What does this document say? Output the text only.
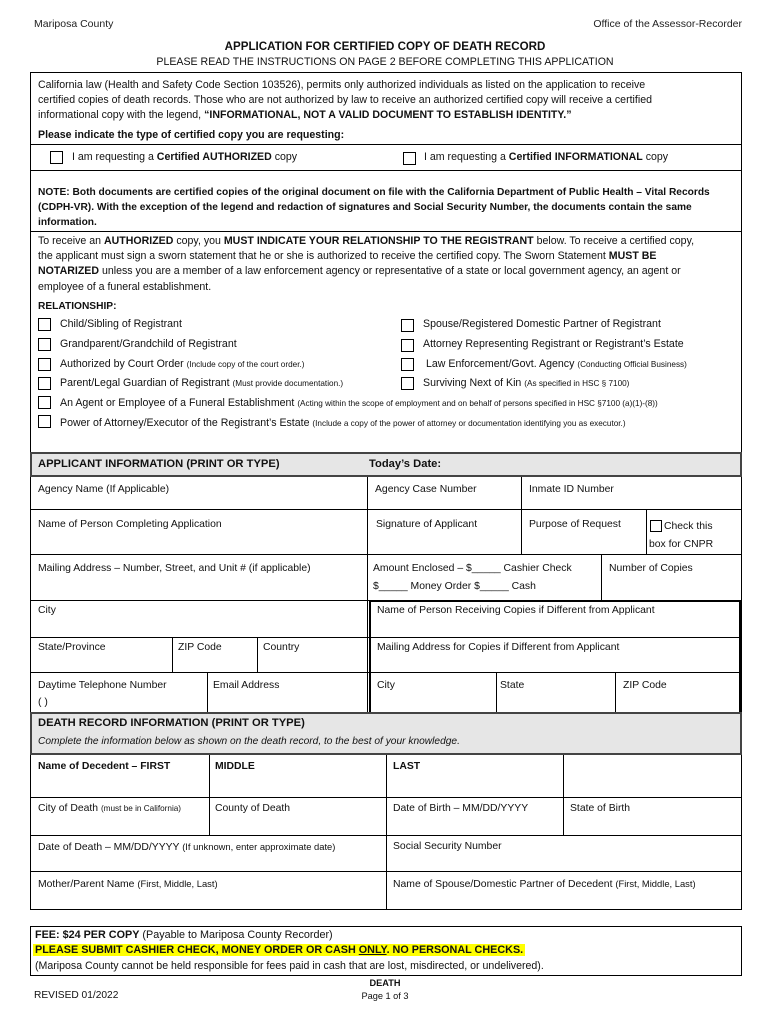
Mariposa County	Office of the Assessor-Recorder
APPLICATION FOR CERTIFIED COPY OF DEATH RECORD
PLEASE READ THE INSTRUCTIONS ON PAGE 2 BEFORE COMPLETING THIS APPLICATION
California law (Health and Safety Code Section 103526), permits only authorized individuals as listed on the application to receive
certified copies of death records. Those who are not authorized by law to receive an authorized certified copy will receive a certified
informational copy with the legend, “INFORMATIONAL, NOT A VALID DOCUMENT TO ESTABLISH IDENTITY.”
Please indicate the type of certified copy you are requesting:
I am requesting a Certified AUTHORIZED copy	I am requesting a Certified INFORMATIONAL copy
NOTE: Both documents are certified copies of the original document on file with the California Department of Public Health – Vital Records
(CDPH-VR). With the exception of the legend and redaction of signatures and Social Security Number, the documents contain the same
information.
To receive an AUTHORIZED copy, you MUST INDICATE YOUR RELATIONSHIP TO THE REGISTRANT below. To receive a certified copy,
the applicant must sign a sworn statement that he or she is authorized to receive the certified copy. The Sworn Statement MUST BE
NOTARIZED unless you are a member of a law enforcement agency or representative of a state or local government agency, an agent or
employee of a funeral establishment.
RELATIONSHIP:
Child/Sibling of Registrant
Grandparent/Grandchild of Registrant
Authorized by Court Order (Include copy of the court order.)
Parent/Legal Guardian of Registrant (Must provide documentation.)
Spouse/Registered Domestic Partner of Registrant
Attorney Representing Registrant or Registrant’s Estate
Law Enforcement/Govt. Agency (Conducting Official Business)
Surviving Next of Kin (As specified in HSC § 7100)
An Agent or Employee of a Funeral Establishment (Acting within the scope of employment and on behalf of persons specified in HSC §7100 (a)(1)-(8))
Power of Attorney/Executor of the Registrant’s Estate (Include a copy of the power of attorney or documentation identifying you as executor.)
APPLICANT INFORMATION (PRINT OR TYPE)	Today’s Date:
Agency Name (If Applicable)	Agency Case Number	Inmate ID Number
Name of Person Completing Application	Signature of Applicant	Purpose of Request	Check this
box for CNPR
Mailing Address – Number, Street, and Unit # (if applicable)	Amount Enclosed – $_____ Cashier Check
$_____ Money Order $_____ Cash
Number of Copies
City	Name of Person Receiving Copies if Different from Applicant
State/Province	ZIP Code	Country	Mailing Address for Copies if Different from Applicant
Daytime Telephone Number
( )
Email Address	City	State	ZIP Code
DEATH RECORD INFORMATION (PRINT OR TYPE)
Complete the information below as shown on the death record, to the best of your knowledge.
Name of Decedent – FIRST	MIDDLE	LAST
City of Death (must be in California)	County of Death	Date of Birth – MM/DD/YYYY	State of Birth
Date of Death – MM/DD/YYYY (If unknown, enter approximate date)	Social Security Number
Mother/Parent Name (First, Middle, Last)	Name of Spouse/Domestic Partner of Decedent (First, Middle, Last)
FEE: $24 PER COPY (Payable to Mariposa County Recorder)
PLEASE SUBMIT CASHIER CHECK, MONEY ORDER OR CASH ONLY. NO PERSONAL CHECKS.
(Mariposa County cannot be held responsible for fees paid in cash that are lost, misdirected, or undelivered).
REVISED 01/2022
DEATH
Page 1 of 3
